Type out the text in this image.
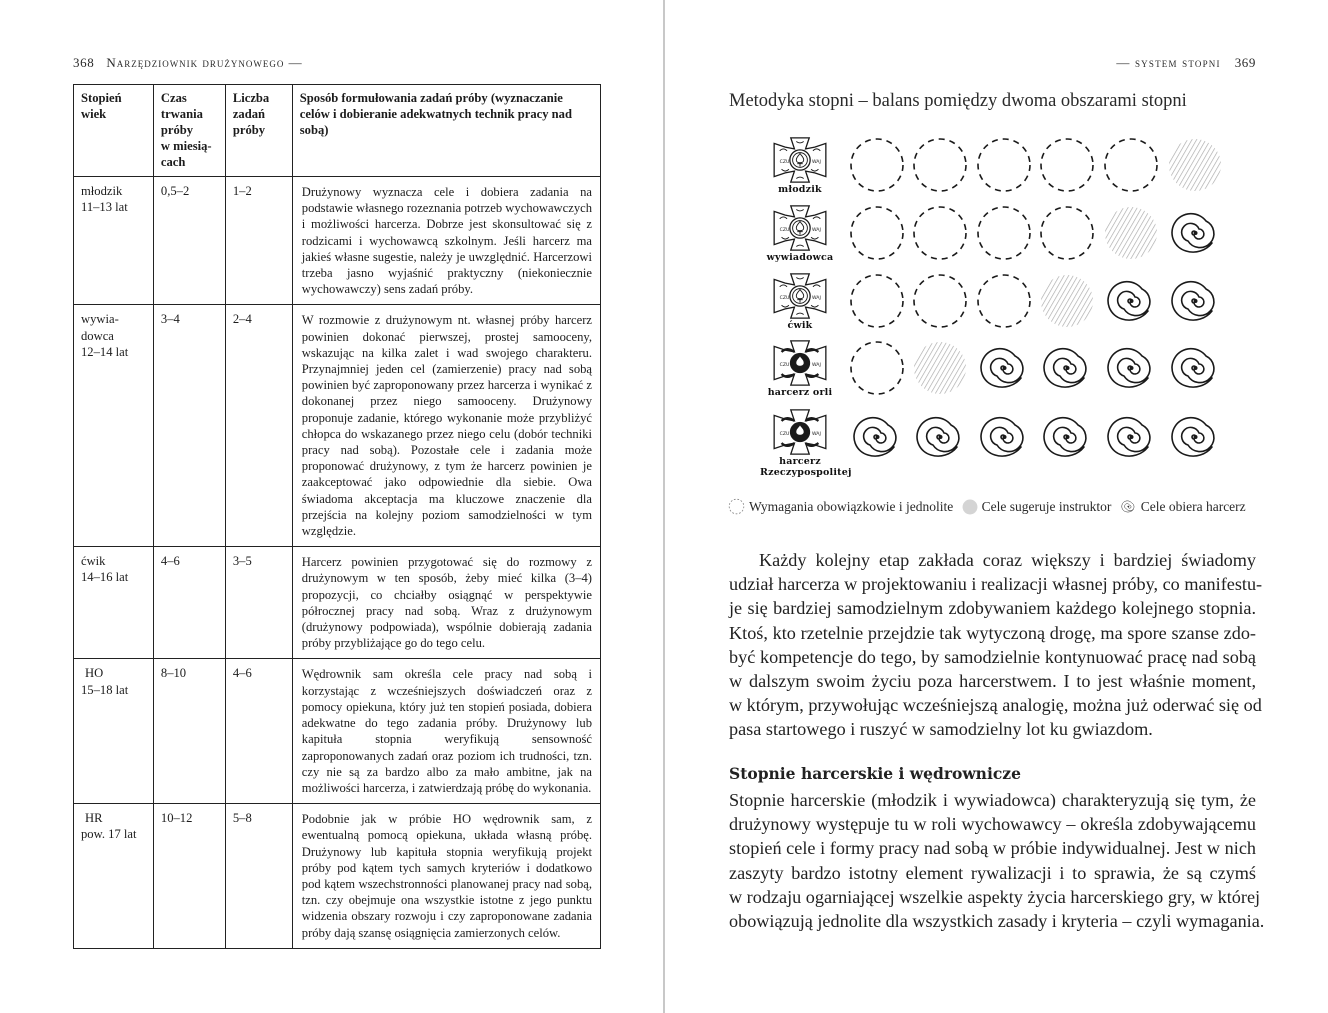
368 Narzędziownik drużynowego —
Stopień
wiek	Czas
trwania
próby
w miesią-
cach	Liczba
zadań
próby	Sposób formułowania zadań próby (wyznaczanie celów i dobieranie adekwatnych technik pracy nad sobą)

młodzik
11–13 lat	0,5–2	1–2	Drużynowy wyznacza cele i dobiera zadania na podstawie własnego rozeznania potrzeb wychowawczych i możliwości harcerza. Dobrze jest skonsultować się z rodzicami i wychowawcą szkolnym. Jeśli harcerz ma jakieś własne sugestie, należy je uwzględnić. Harcerzowi trzeba jasno wyjaśnić praktyczny (niekoniecznie wychowawczy) sens zadań próby.

wywia-
dowca
12–14 lat
	3–4	2–4	W rozmowie z drużynowym nt. własnej próby harcerz powinien dokonać pierwszej, prostej samooceny, wskazując na kilka zalet i wad swojego charakteru. Przynajmniej jeden cel (zamierzenie) pracy nad sobą powinien być zaproponowany przez harcerza i wynikać z dokonanej przez niego samooceny. Drużynowy proponuje zadanie, którego wykonanie może przybliżyć chłopca do wskazanego przez niego celu (dobór techniki pracy nad sobą). Pozostałe cele i zadania może proponować drużynowy, z tym że harcerz powinien je zaakceptować jako odpowiednie dla siebie. Owa świadoma akceptacja ma kluczowe znaczenie dla przejścia na kolejny poziom samodzielności w tym względzie.

ćwik
14–16 lat	4–6	3–5	Harcerz powinien przygotować się do rozmowy z drużynowym w ten sposób, żeby mieć kilka (3–4) propozycji, co chciałby osiągnąć w perspektywie półrocznej pracy nad sobą. Wraz z drużynowym (drużynowy podpowiada), wspólnie dobierają zadania próby przybliżające go do tego celu.

HO
15–18 lat	8–10	4–6	Wędrownik sam określa cele pracy nad sobą i korzystając z wcześniejszych doświadczeń oraz z pomocy opiekuna, który już ten stopień posiada, dobiera adekwatne do tego zadania próby. Drużynowy lub kapituła stopnia weryfikują sensowność zaproponowanych zadań oraz poziom ich trudności, tzn. czy nie są za bardzo albo za mało ambitne, jak na możliwości harcerza, i zatwierdzają próbę do wykonania.

HR
pow. 17 lat	10–12	5–8	Podobnie jak w próbie HO wędrownik sam, z ewentualną pomocą opiekuna, układa własną próbę. Drużynowy lub kapituła stopnia weryfikują projekt próby pod kątem tych samych kryteriów i dodatkowo pod kątem wszechstronności planowanej pracy nad sobą, tzn. czy obejmuje ona wszystkie istotne z jego punktu widzenia obszary rozwoju i czy zaproponowane zadania próby dają szansę osiągnięcia zamierzonych celów.
— system stopni 369
Metodyka stopni – balans pomiędzy dwoma obszarami stopni
młodzik
wywiadowca
ćwik
harcerz orli
harcerz
Rzeczypospolitej
Wymagania obowiązkowie i jednolite Cele sugeruje instruktor Cele obiera harcerz
Każdy kolejny etap zakłada coraz większy i bardziej świadomy
udział harcerza w projektowaniu i realizacji własnej próby, co manifestu-
je się bardziej samodzielnym zdobywaniem każdego kolejnego stopnia.
Ktoś, kto rzetelnie przejdzie tak wytyczoną drogę, ma spore szanse zdo-
być kompetencje do tego, by samodzielnie kontynuować pracę nad sobą
w dalszym swoim życiu poza harcerstwem. I to jest właśnie moment,
w którym, przywołując wcześniejszą analogię, można już oderwać się od
pasa startowego i ruszyć w samodzielny lot ku gwiazdom.
Stopnie harcerskie i wędrownicze
Stopnie harcerskie (młodzik i wywiadowca) charakteryzują się tym, że
drużynowy występuje tu w roli wychowawcy – określa zdobywającemu
stopień cele i formy pracy nad sobą w próbie indywidualnej. Jest w nich
zaszyty bardzo istotny element rywalizacji i to sprawia, że są czymś
w rodzaju ogarniającej wszelkie aspekty życia harcerskiego gry, w której
obowiązują jednolite dla wszystkich zasady i kryteria – czyli wymagania.
